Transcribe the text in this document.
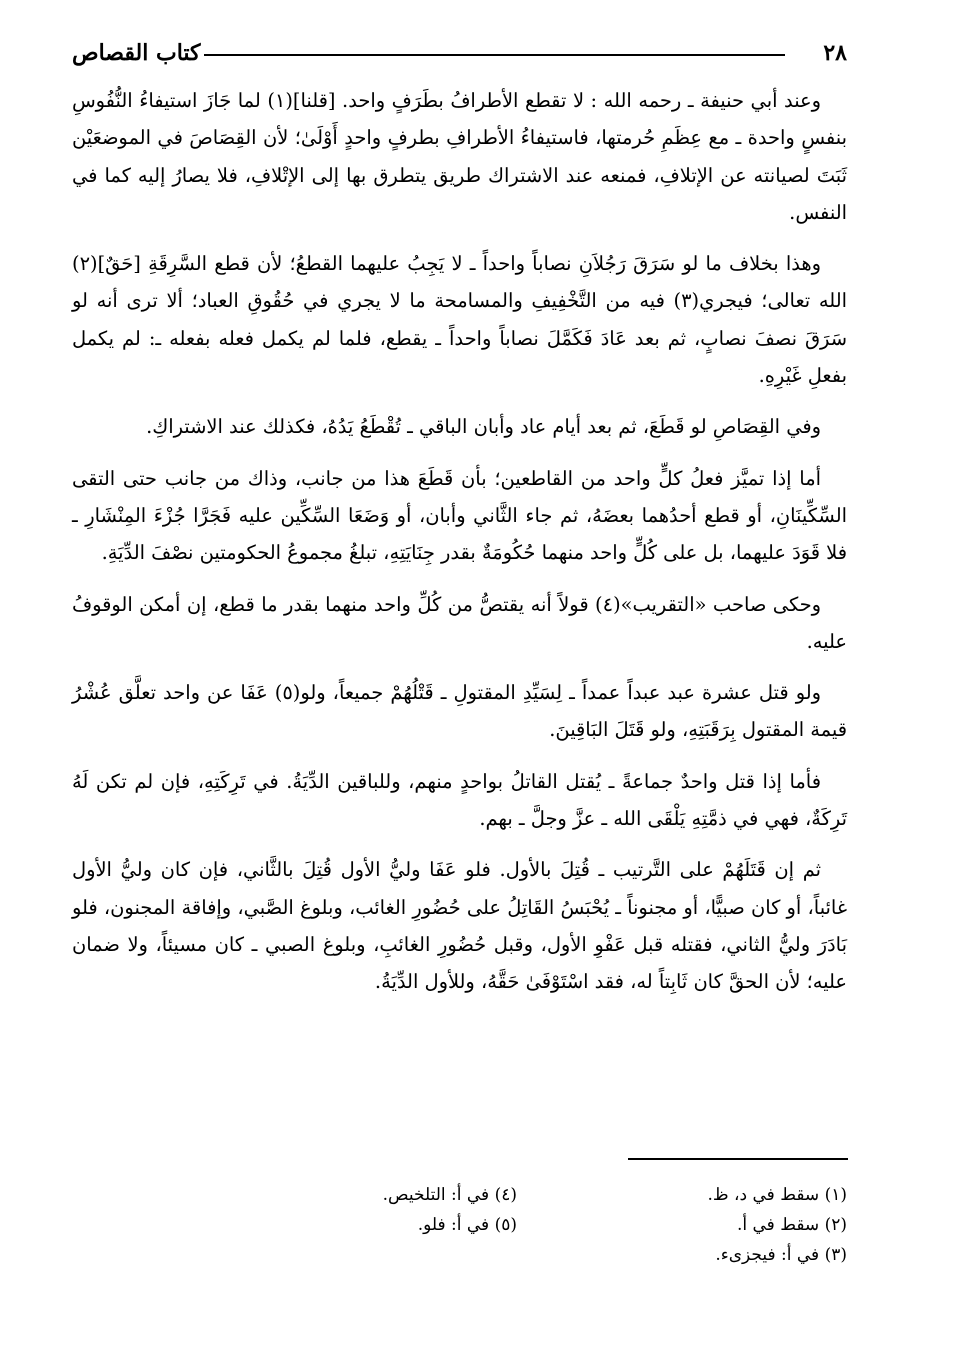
٢٨
كتاب القصاص

وعند أبي حنيفة ـ رحمه الله : لا تقطع الأطرافُ بطَرَفٍ واحد. [قلنا](١) لما جَازَ استيفاءُ النُّفُوسِ بنفسٍ واحدة ـ مع عِظَمِ حُرمتها، فاستيفاءُ الأطرافِ بطرفٍ واحدٍ أَوْلَىٰ؛ لأن القِصَاصَ في الموضعَيْن ثَبَتَ لصيانته عن الإتلافِ، فمنعه عند الاشتراك طريق يتطرق بها إلى الإتْلافِ، فلا يصارُ إليه كما في النفس.

وهذا بخلاف ما لو سَرَقَ رَجُلاَنِ نصاباً واحداً ـ لا يَجِبُ عليهما القطعُ؛ لأن قطع السَّرِقَةِ [حَقٌ](٢) الله تعالى؛ فيجري(٣) فيه من التَّخْفِيفِ والمسامحة ما لا يجري في حُقُوقِ العباد؛ ألا ترى أنه لو سَرَقَ نصفَ نصابٍ، ثم بعد عَادَ فَكَمَّلَ نصاباً واحداً ـ يقطع، فلما لم يكمل فعله بفعله ـ: لم يكمل بفعلِ غَيْرِهِ.

وفي القِصَاصِ لو قَطَعَ، ثم بعد أيام عاد وأبان الباقي ـ تُقْطَعُ يَدُهُ، فكذلك عند الاشتراكِ.

أما إذا تميَّز فعلُ كلٍّ واحد من القاطعين؛ بأن قَطَعَ هذا من جانب، وذاك من جانب حتى التقى السِّكِّينَانِ، أو قطع أحدُهما بعضَهُ، ثم جاء الثَّاني وأبان، أو وَضَعَا السِّكِّين عليه فَجَرَّا جُزْءَ المِنْشَارِ ـ فلا قَوَدَ عليهما، بل على كُلٍّ واحد منهما حُكُومَةٌ بقدر جِنَايَتِهِ، تبلغُ مجموعُ الحكومتين نصْفَ الدِّيَةِ.

وحكى صاحب «التقريب»(٤) قولاً أنه يقتصُّ من كُلِّ واحد منهما بقدر ما قطع، إن أمكن الوقوفُ عليه.

ولو قتل عشرة عبد عبداً عمداً ـ لِسَيِّدِ المقتولِ ـ قَتْلُهُمْ جميعاً، ولو(٥) عَفَا عن واحد تعلَّق عُشْرُ قيمة المقتول بِرَقَبَتِهِ، ولو قَتَلَ البَاقِينَ.

فأما إذا قتل واحدٌ جماعةً ـ يُقتل القاتلُ بواحدٍ منهم، وللباقين الدِّيَةُ. في تَرِكَتِهِ، فإن لم تكن لَهُ تَرِكَةٌ، فهي في ذمَّتِهِ يَلْقَى الله ـ عزَّ وجلَّ ـ بهم.

ثم إن قَتَلَهُمْ على التَّرتيب ـ قُتِلَ بالأول. فلو عَفَا وليُّ الأول قُتِلَ بالثَّاني، فإن كان وليُّ الأول غائباً، أو كان صبيًّا، أو مجنوناً ـ يُحْبَسُ القَاتِلُ على حُضُورِ الغائب، وبلوغ الصَّبي، وإفاقة المجنون، فلو بَادَرَ وليُّ الثاني، فقتله قبل عَفْوِ الأول، وقبل حُضُورِ الغائبِ، وبلوغ الصبي ـ كان مسيئاً، ولا ضمان عليه؛ لأن الحقَّ كان ثَابِتاً له، فقد اسْتَوْفَىٰ حَقَّهُ، وللأول الدِّيَةُ.

(١) سقط في د، ظ.
(٢) سقط في أ.
(٣) في أ: فيجزىء.
(٤) في أ: التلخيص.
(٥) في أ: فلو.
